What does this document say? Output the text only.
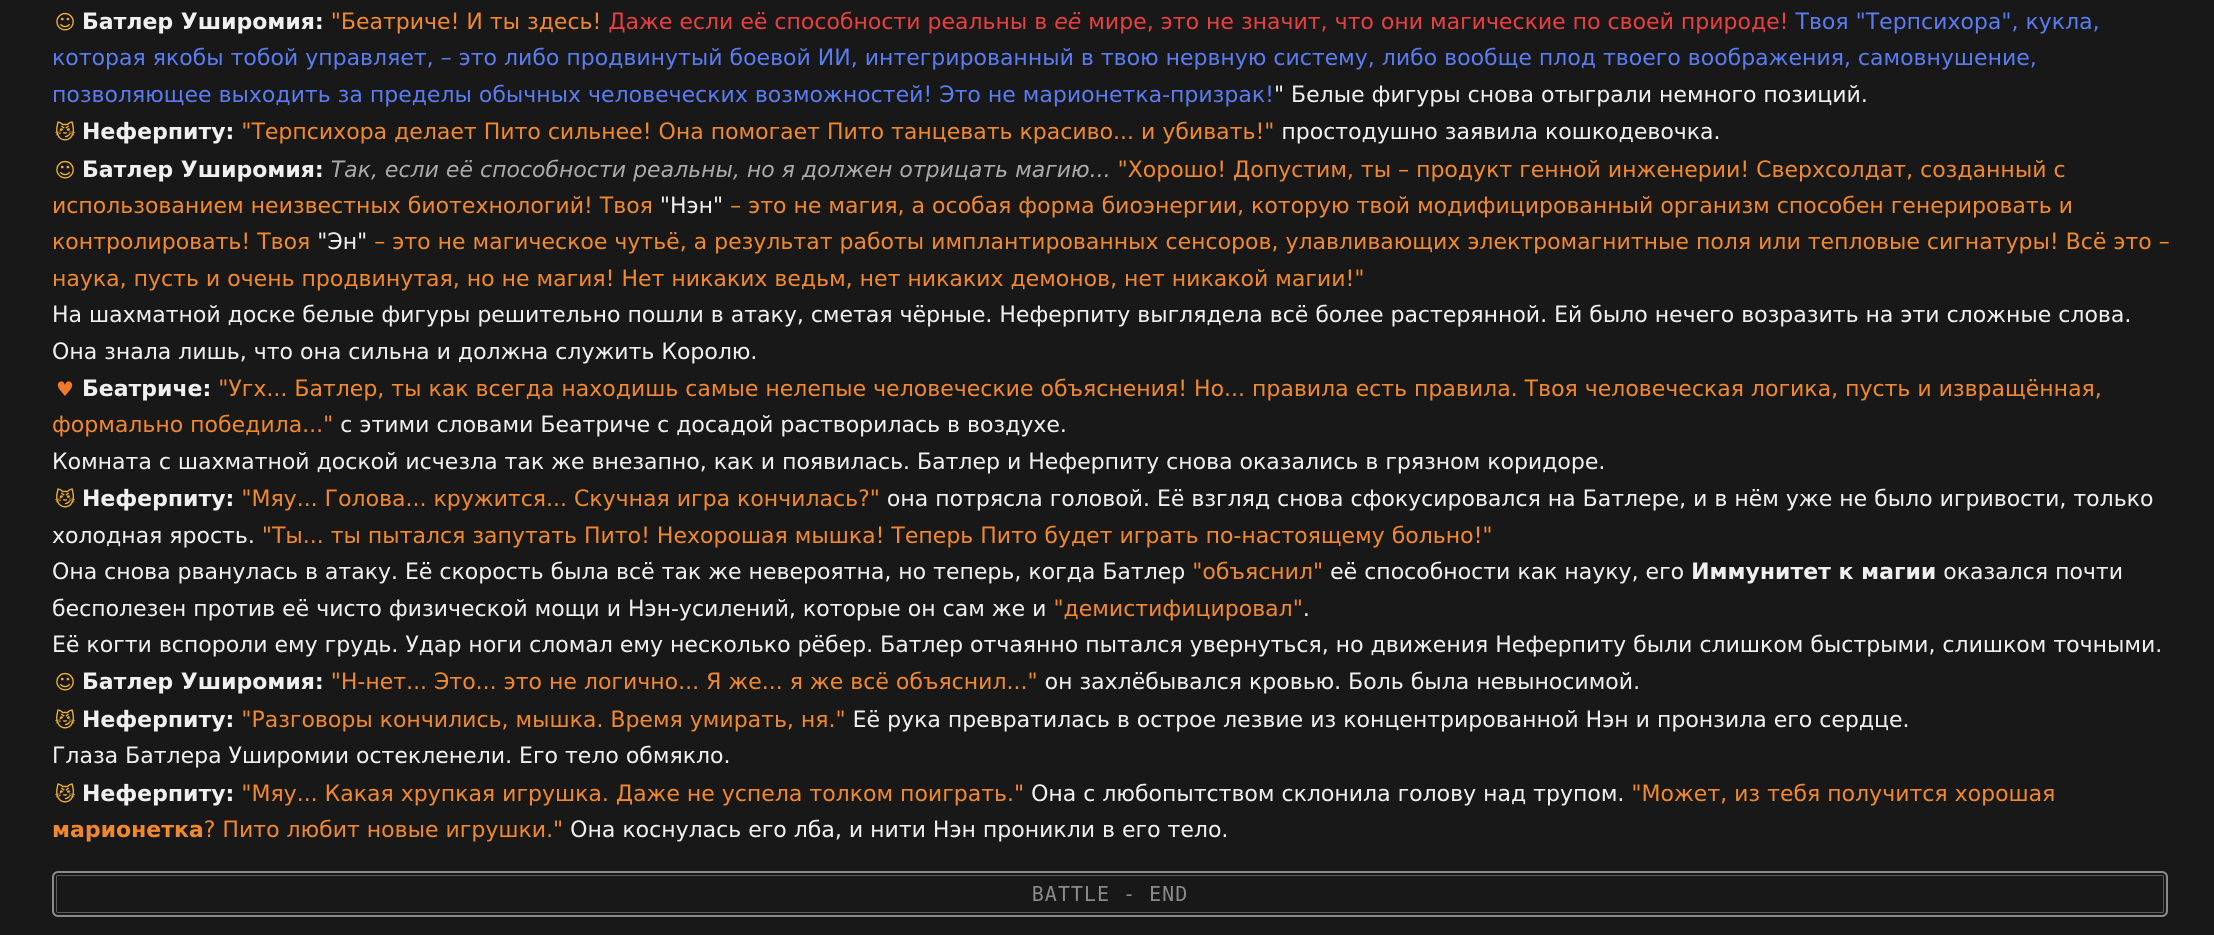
☺ Батлер Уширомия: "Беатриче! И ты здесь! Даже если её способности реальны в её мире, это не значит, что они магические по своей природе! Твоя "Терпсихора", кукла, которая якобы тобой управляет, – это либо продвинутый боевой ИИ, интегрированный в твою нервную систему, либо вообще плод твоего воображения, самовнушение, позволяющее выходить за пределы обычных человеческих возможностей! Это не марионетка-призрак!" Белые фигуры снова отыграли немного позиций.
😼 Неферпиту: "Терпсихора делает Пито сильнее! Она помогает Пито танцевать красиво... и убивать!" простодушно заявила кошкодевочка.
☺ Батлер Уширомия: Так, если её способности реальны, но я должен отрицать магию... "Хорошо! Допустим, ты – продукт генной инженерии! Сверхсолдат, созданный с использованием неизвестных биотехнологий! Твоя "Нэн" – это не магия, а особая форма биоэнергии, которую твой модифицированный организм способен генерировать и контролировать! Твоя "Эн" – это не магическое чутьё, а результат работы имплантированных сенсоров, улавливающих электромагнитные поля или тепловые сигнатуры! Всё это – наука, пусть и очень продвинутая, но не магия! Нет никаких ведьм, нет никаких демонов, нет никакой магии!"
На шахматной доске белые фигуры решительно пошли в атаку, сметая чёрные. Неферпиту выглядела всё более растерянной. Ей было нечего возразить на эти сложные слова. Она знала лишь, что она сильна и должна служить Королю.
♥ Беатриче: "Угх... Батлер, ты как всегда находишь самые нелепые человеческие объяснения! Но... правила есть правила. Твоя человеческая логика, пусть и извращённая, формально победила..." с этими словами Беатриче с досадой растворилась в воздухе.
Комната с шахматной доской исчезла так же внезапно, как и появилась. Батлер и Неферпиту снова оказались в грязном коридоре.
😼 Неферпиту: "Мяу... Голова... кружится... Скучная игра кончилась?" она потрясла головой. Её взгляд снова сфокусировался на Батлере, и в нём уже не было игривости, только холодная ярость. "Ты... ты пытался запутать Пито! Нехорошая мышка! Теперь Пито будет играть по-настоящему больно!"
Она снова рванулась в атаку. Её скорость была всё так же невероятна, но теперь, когда Батлер "объяснил" её способности как науку, его Иммунитет к магии оказался почти бесполезен против её чисто физической мощи и Нэн-усилений, которые он сам же и "демистифицировал".
Её когти вспороли ему грудь. Удар ноги сломал ему несколько рёбер. Батлер отчаянно пытался увернуться, но движения Неферпиту были слишком быстрыми, слишком точными.
☺ Батлер Уширомия: "Н-нет... Это... это не логично... Я же... я же всё объяснил..." он захлёбывался кровью. Боль была невыносимой.
😼 Неферпиту: "Разговоры кончились, мышка. Время умирать, ня." Её рука превратилась в острое лезвие из концентрированной Нэн и пронзила его сердце.
Глаза Батлера Уширомии остекленели. Его тело обмякло.
😼 Неферпиту: "Мяу... Какая хрупкая игрушка. Даже не успела толком поиграть." Она с любопытством склонила голову над трупом. "Может, из тебя получится хорошая марионетка? Пито любит новые игрушки." Она коснулась его лба, и нити Нэн проникли в его тело.
BATTLE - END
